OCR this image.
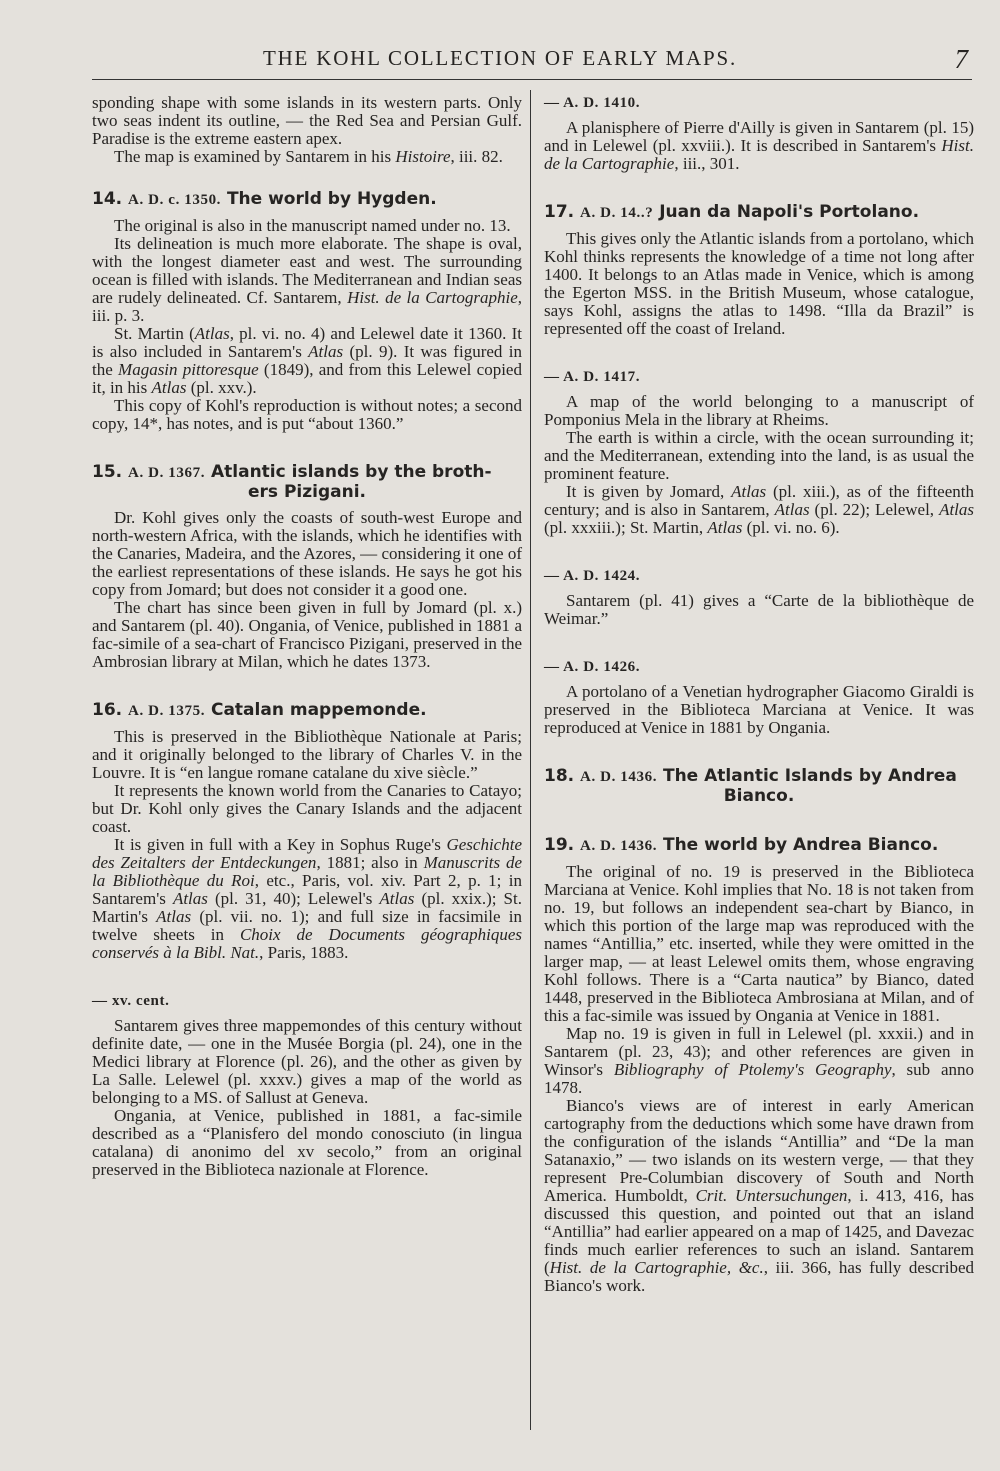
THE KOHL COLLECTION OF EARLY MAPS.	7

sponding shape with some islands in its western parts. Only two seas indent its outline, — the Red Sea and Persian Gulf. Paradise is the extreme eastern apex.

The map is examined by Santarem in his Histoire, iii. 82.

14. A. D. c. 1350. The world by Hygden.

The original is also in the manuscript named under no. 13.

Its delineation is much more elaborate. The shape is oval, with the longest diameter east and west. The surrounding ocean is filled with islands. The Mediterranean and Indian seas are rudely delineated. Cf. Santarem, Hist. de la Cartographie, iii. p. 3.

St. Martin (Atlas, pl. vi. no. 4) and Lelewel date it 1360. It is also included in Santarem's Atlas (pl. 9). It was figured in the Magasin pittoresque (1849), and from this Lelewel copied it, in his Atlas (pl. xxv.).

This copy of Kohl's reproduction is without notes; a second copy, 14*, has notes, and is put “about 1360.”

15. A. D. 1367. Atlantic islands by the broth-
ers Pizigani.

Dr. Kohl gives only the coasts of south-west Europe and north-western Africa, with the islands, which he identifies with the Canaries, Madeira, and the Azores, — considering it one of the earliest representations of these islands. He says he got his copy from Jomard; but does not consider it a good one.

The chart has since been given in full by Jomard (pl. x.) and Santarem (pl. 40). Ongania, of Venice, published in 1881 a fac-simile of a sea-chart of Francisco Pizigani, preserved in the Ambrosian library at Milan, which he dates 1373.

16. A. D. 1375. Catalan mappemonde.

This is preserved in the Bibliothèque Nationale at Paris; and it originally belonged to the library of Charles V. in the Louvre. It is “en langue romane catalane du xive siècle.”

It represents the known world from the Canaries to Catayo; but Dr. Kohl only gives the Canary Islands and the adjacent coast.

It is given in full with a Key in Sophus Ruge's Geschichte des Zeitalters der Entdeckungen, 1881; also in Manuscrits de la Bibliothèque du Roi, etc., Paris, vol. xiv. Part 2, p. 1; in Santarem's Atlas (pl. 31, 40); Lelewel's Atlas (pl. xxix.); St. Martin's Atlas (pl. vii. no. 1); and full size in facsimile in twelve sheets in Choix de Documents géographiques conservés à la Bibl. Nat., Paris, 1883.

— xv. cent.

Santarem gives three mappemondes of this century without definite date, — one in the Musée Borgia (pl. 24), one in the Medici library at Florence (pl. 26), and the other as given by La Salle. Lelewel (pl. xxxv.) gives a map of the world as belonging to a MS. of Sallust at Geneva.

Ongania, at Venice, published in 1881, a fac-simile described as a “Planisfero del mondo conosciuto (in lingua catalana) di anonimo del xv secolo,” from an original preserved in the Biblioteca nazionale at Florence.

— A. D. 1410.

A planisphere of Pierre d'Ailly is given in Santarem (pl. 15) and in Lelewel (pl. xxviii.). It is described in Santarem's Hist. de la Cartographie, iii., 301.

17. A. D. 14..? Juan da Napoli's Portolano.

This gives only the Atlantic islands from a portolano, which Kohl thinks represents the knowledge of a time not long after 1400. It belongs to an Atlas made in Venice, which is among the Egerton MSS. in the British Museum, whose catalogue, says Kohl, assigns the atlas to 1498. “Illa da Brazil” is represented off the coast of Ireland.

— A. D. 1417.

A map of the world belonging to a manuscript of Pomponius Mela in the library at Rheims.

The earth is within a circle, with the ocean surrounding it; and the Mediterranean, extending into the land, is as usual the prominent feature.

It is given by Jomard, Atlas (pl. xiii.), as of the fifteenth century; and is also in Santarem, Atlas (pl. 22); Lelewel, Atlas (pl. xxxiii.); St. Martin, Atlas (pl. vi. no. 6).

— A. D. 1424.

Santarem (pl. 41) gives a “Carte de la bibliothèque de Weimar.”

— A. D. 1426.

A portolano of a Venetian hydrographer Giacomo Giraldi is preserved in the Biblioteca Marciana at Venice. It was reproduced at Venice in 1881 by Ongania.

18. A. D. 1436. The Atlantic Islands by Andrea
Bianco.
19. A. D. 1436. The world by Andrea Bianco.

The original of no. 19 is preserved in the Biblioteca Marciana at Venice. Kohl implies that No. 18 is not taken from no. 19, but follows an independent sea-chart by Bianco, in which this portion of the large map was reproduced with the names “Antillia,” etc. inserted, while they were omitted in the larger map, — at least Lelewel omits them, whose engraving Kohl follows. There is a “Carta nautica” by Bianco, dated 1448, preserved in the Biblioteca Ambrosiana at Milan, and of this a fac-simile was issued by Ongania at Venice in 1881.

Map no. 19 is given in full in Lelewel (pl. xxxii.) and in Santarem (pl. 23, 43); and other references are given in Winsor's Bibliography of Ptolemy's Geography, sub anno 1478.

Bianco's views are of interest in early American cartography from the deductions which some have drawn from the configuration of the islands “Antillia” and “De la man Satanaxio,” — two islands on its western verge, — that they represent Pre-Columbian discovery of South and North America. Humboldt, Crit. Untersuchungen, i. 413, 416, has discussed this question, and pointed out that an island “Antillia” had earlier appeared on a map of 1425, and Davezac finds much earlier references to such an island. Santarem (Hist. de la Cartographie, &c., iii. 366, has fully described Bianco's work.
